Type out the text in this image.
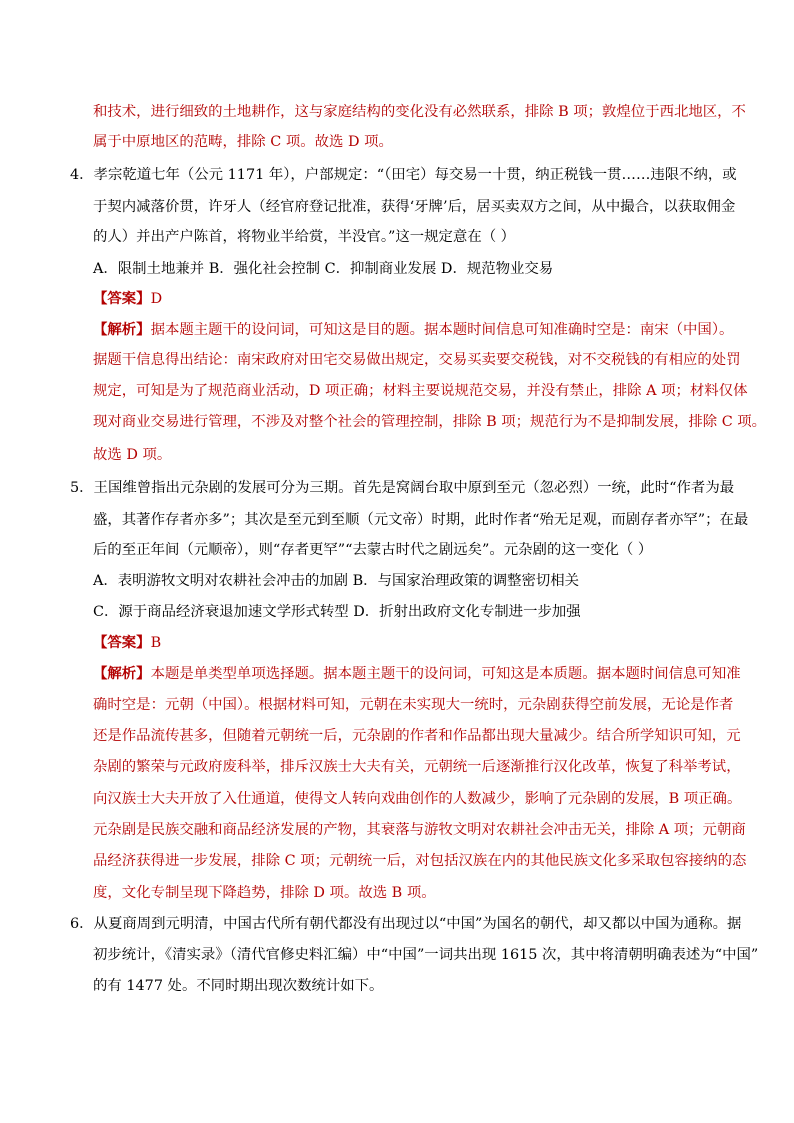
和技术，进行细致的土地耕作，这与家庭结构的变化没有必然联系，排除 B 项；敦煌位于西北地区，不
属于中原地区的范畴，排除 C 项。故选 D 项。
4．孝宗乾道七年（公元 1171 年），户部规定：“（田宅）每交易一十贯，纳正税钱一贯……违限不纳，或
于契内减落价贯，许牙人（经官府登记批准，获得‘牙牌’后，居买卖双方之间，从中撮合，以获取佣金
的人）并出产户陈首，将物业半给赏，半没官。”这一规定意在（ ）
A．限制土地兼并 B．强化社会控制 C．抑制商业发展 D．规范物业交易
【答案】D
【解析】据本题主题干的设问词，可知这是目的题。据本题时间信息可知准确时空是：南宋（中国）。
据题干信息得出结论：南宋政府对田宅交易做出规定，交易买卖要交税钱，对不交税钱的有相应的处罚
规定，可知是为了规范商业活动，D 项正确；材料主要说规范交易，并没有禁止，排除 A 项；材料仅体
现对商业交易进行管理，不涉及对整个社会的管理控制，排除 B 项；规范行为不是抑制发展，排除 C 项。
故选 D 项。
5．王国维曾指出元杂剧的发展可分为三期。首先是窝阔台取中原到至元（忽必烈）一统，此时“作者为最
盛，其著作存者亦多”；其次是至元到至顺（元文帝）时期，此时作者“殆无足观，而剧存者亦罕”；在最
后的至正年间（元顺帝），则“存者更罕”“去蒙古时代之剧远矣”。元杂剧的这一变化（ ）
A．表明游牧文明对农耕社会冲击的加剧 B．与国家治理政策的调整密切相关
C．源于商品经济衰退加速文学形式转型 D．折射出政府文化专制进一步加强
【答案】B
【解析】本题是单类型单项选择题。据本题主题干的设问词，可知这是本质题。据本题时间信息可知准
确时空是：元朝（中国）。根据材料可知，元朝在未实现大一统时，元杂剧获得空前发展，无论是作者
还是作品流传甚多，但随着元朝统一后，元杂剧的作者和作品都出现大量减少。结合所学知识可知，元
杂剧的繁荣与元政府废科举，排斥汉族士大夫有关，元朝统一后逐渐推行汉化改革，恢复了科举考试，
向汉族士大夫开放了入仕通道，使得文人转向戏曲创作的人数减少，影响了元杂剧的发展，B 项正确。
元杂剧是民族交融和商品经济发展的产物，其衰落与游牧文明对农耕社会冲击无关，排除 A 项；元朝商
品经济获得进一步发展，排除 C 项；元朝统一后，对包括汉族在内的其他民族文化多采取包容接纳的态
度，文化专制呈现下降趋势，排除 D 项。故选 B 项。
6．从夏商周到元明清，中国古代所有朝代都没有出现过以“中国”为国名的朝代，却又都以中国为通称。据
初步统计，《清实录》（清代官修史料汇编）中“中国”一词共出现 1615 次，其中将清朝明确表述为“中国”
的有 1477 处。不同时期出现次数统计如下。
